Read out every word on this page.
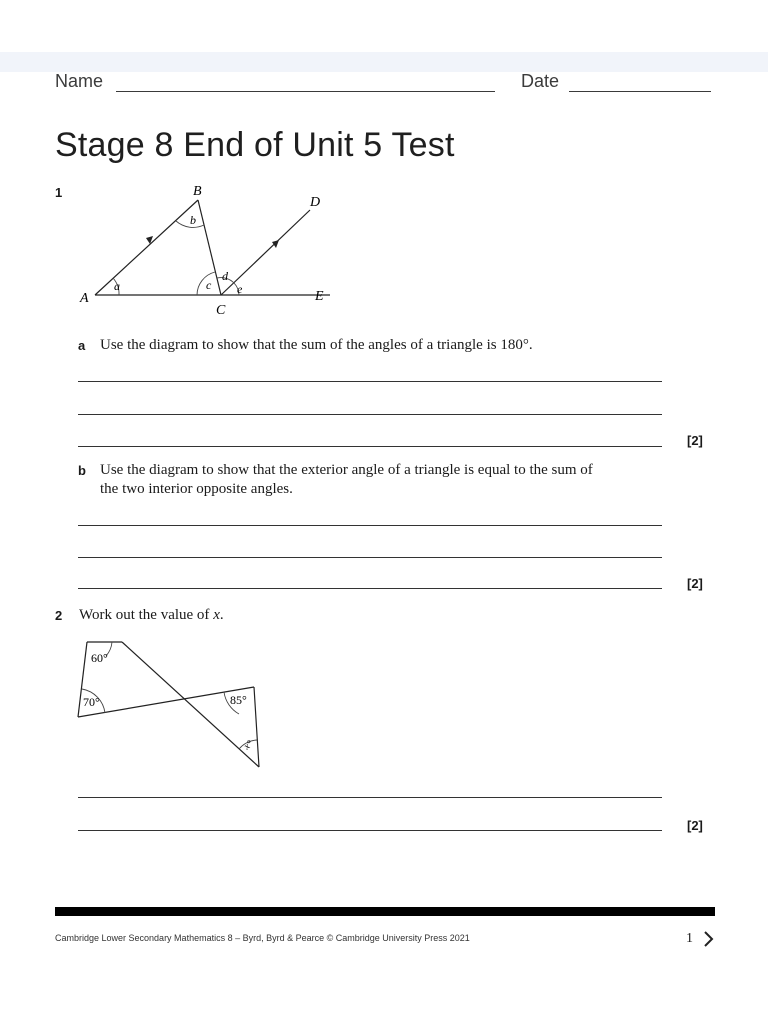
Name	Date
Stage 8 End of Unit 5 Test
1
A
B
C
D
E
a
b
c
d
e
a Use the diagram to show that the sum of the angles of a triangle is 180°.
[2]
b Use the diagram to show that the exterior angle of a triangle is equal to the sum of
the two interior opposite angles.
[2]
2 Work out the value of x.
60°
70°	85°
x°
[2]
Cambridge Lower Secondary Mathematics 8 – Byrd, Byrd & Pearce © Cambridge University Press 2021	1
